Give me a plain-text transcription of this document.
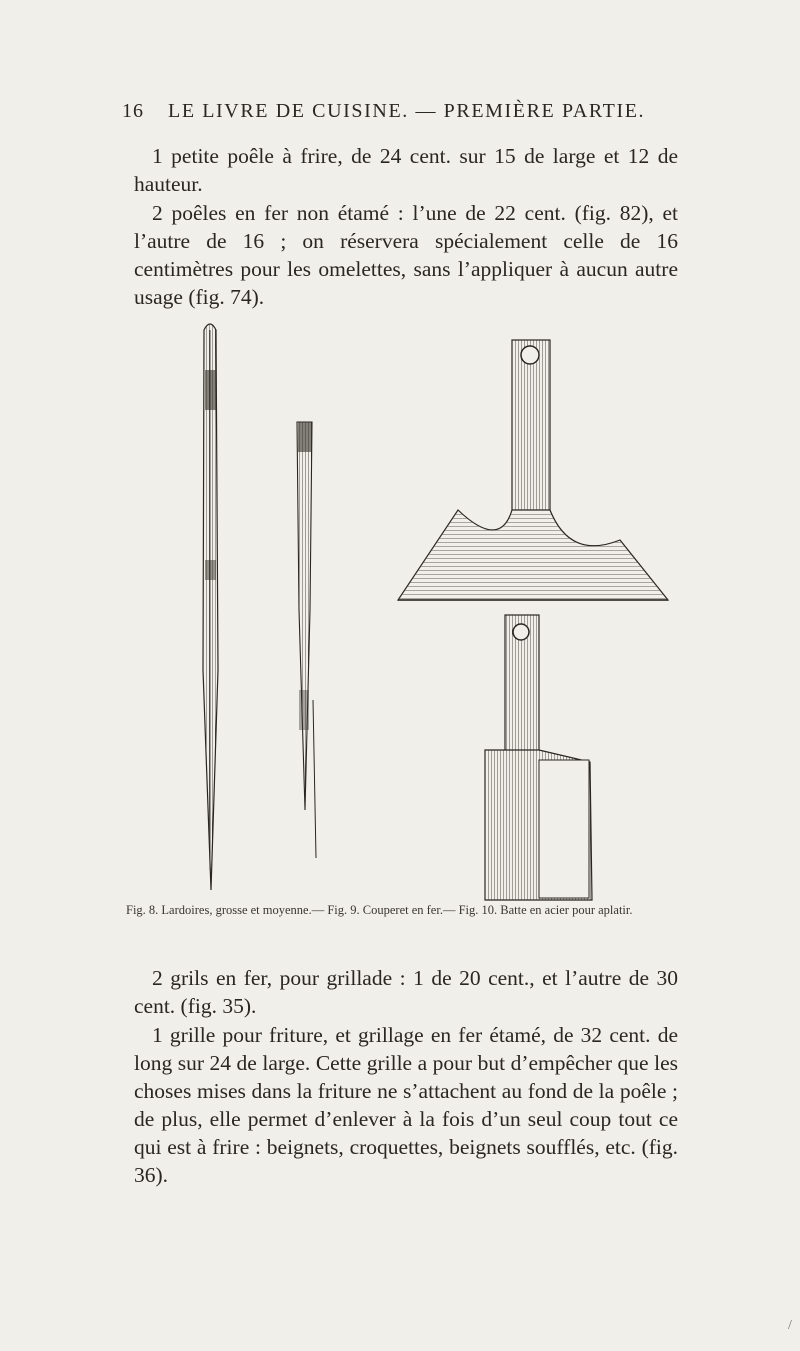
16 LE LIVRE DE CUISINE. — PREMIÈRE PARTIE.

1 petite poêle à frire, de 24 cent. sur 15 de large et 12 de hauteur.

2 poêles en fer non étamé : l’une de 22 cent. (fig. 82), et l’autre de 16 ; on réservera spécialement celle de 16 centimètres pour les omelettes, sans l’appliquer à aucun autre usage (fig. 74).

Fig. 8. Lardoires, grosse et moyenne.— Fig. 9. Couperet en fer.— Fig. 10. Batte en acier pour aplatir.

2 grils en fer, pour grillade : 1 de 20 cent., et l’autre de 30 cent. (fig. 35).

1 grille pour friture, et grillage en fer étamé, de 32 cent. de long sur 24 de large. Cette grille a pour but d’empêcher que les choses mises dans la friture ne s’attachent au fond de la poêle ; de plus, elle permet d’enlever à la fois d’un seul coup tout ce qui est à frire : beignets, croquettes, beignets soufflés, etc. (fig. 36).

/
